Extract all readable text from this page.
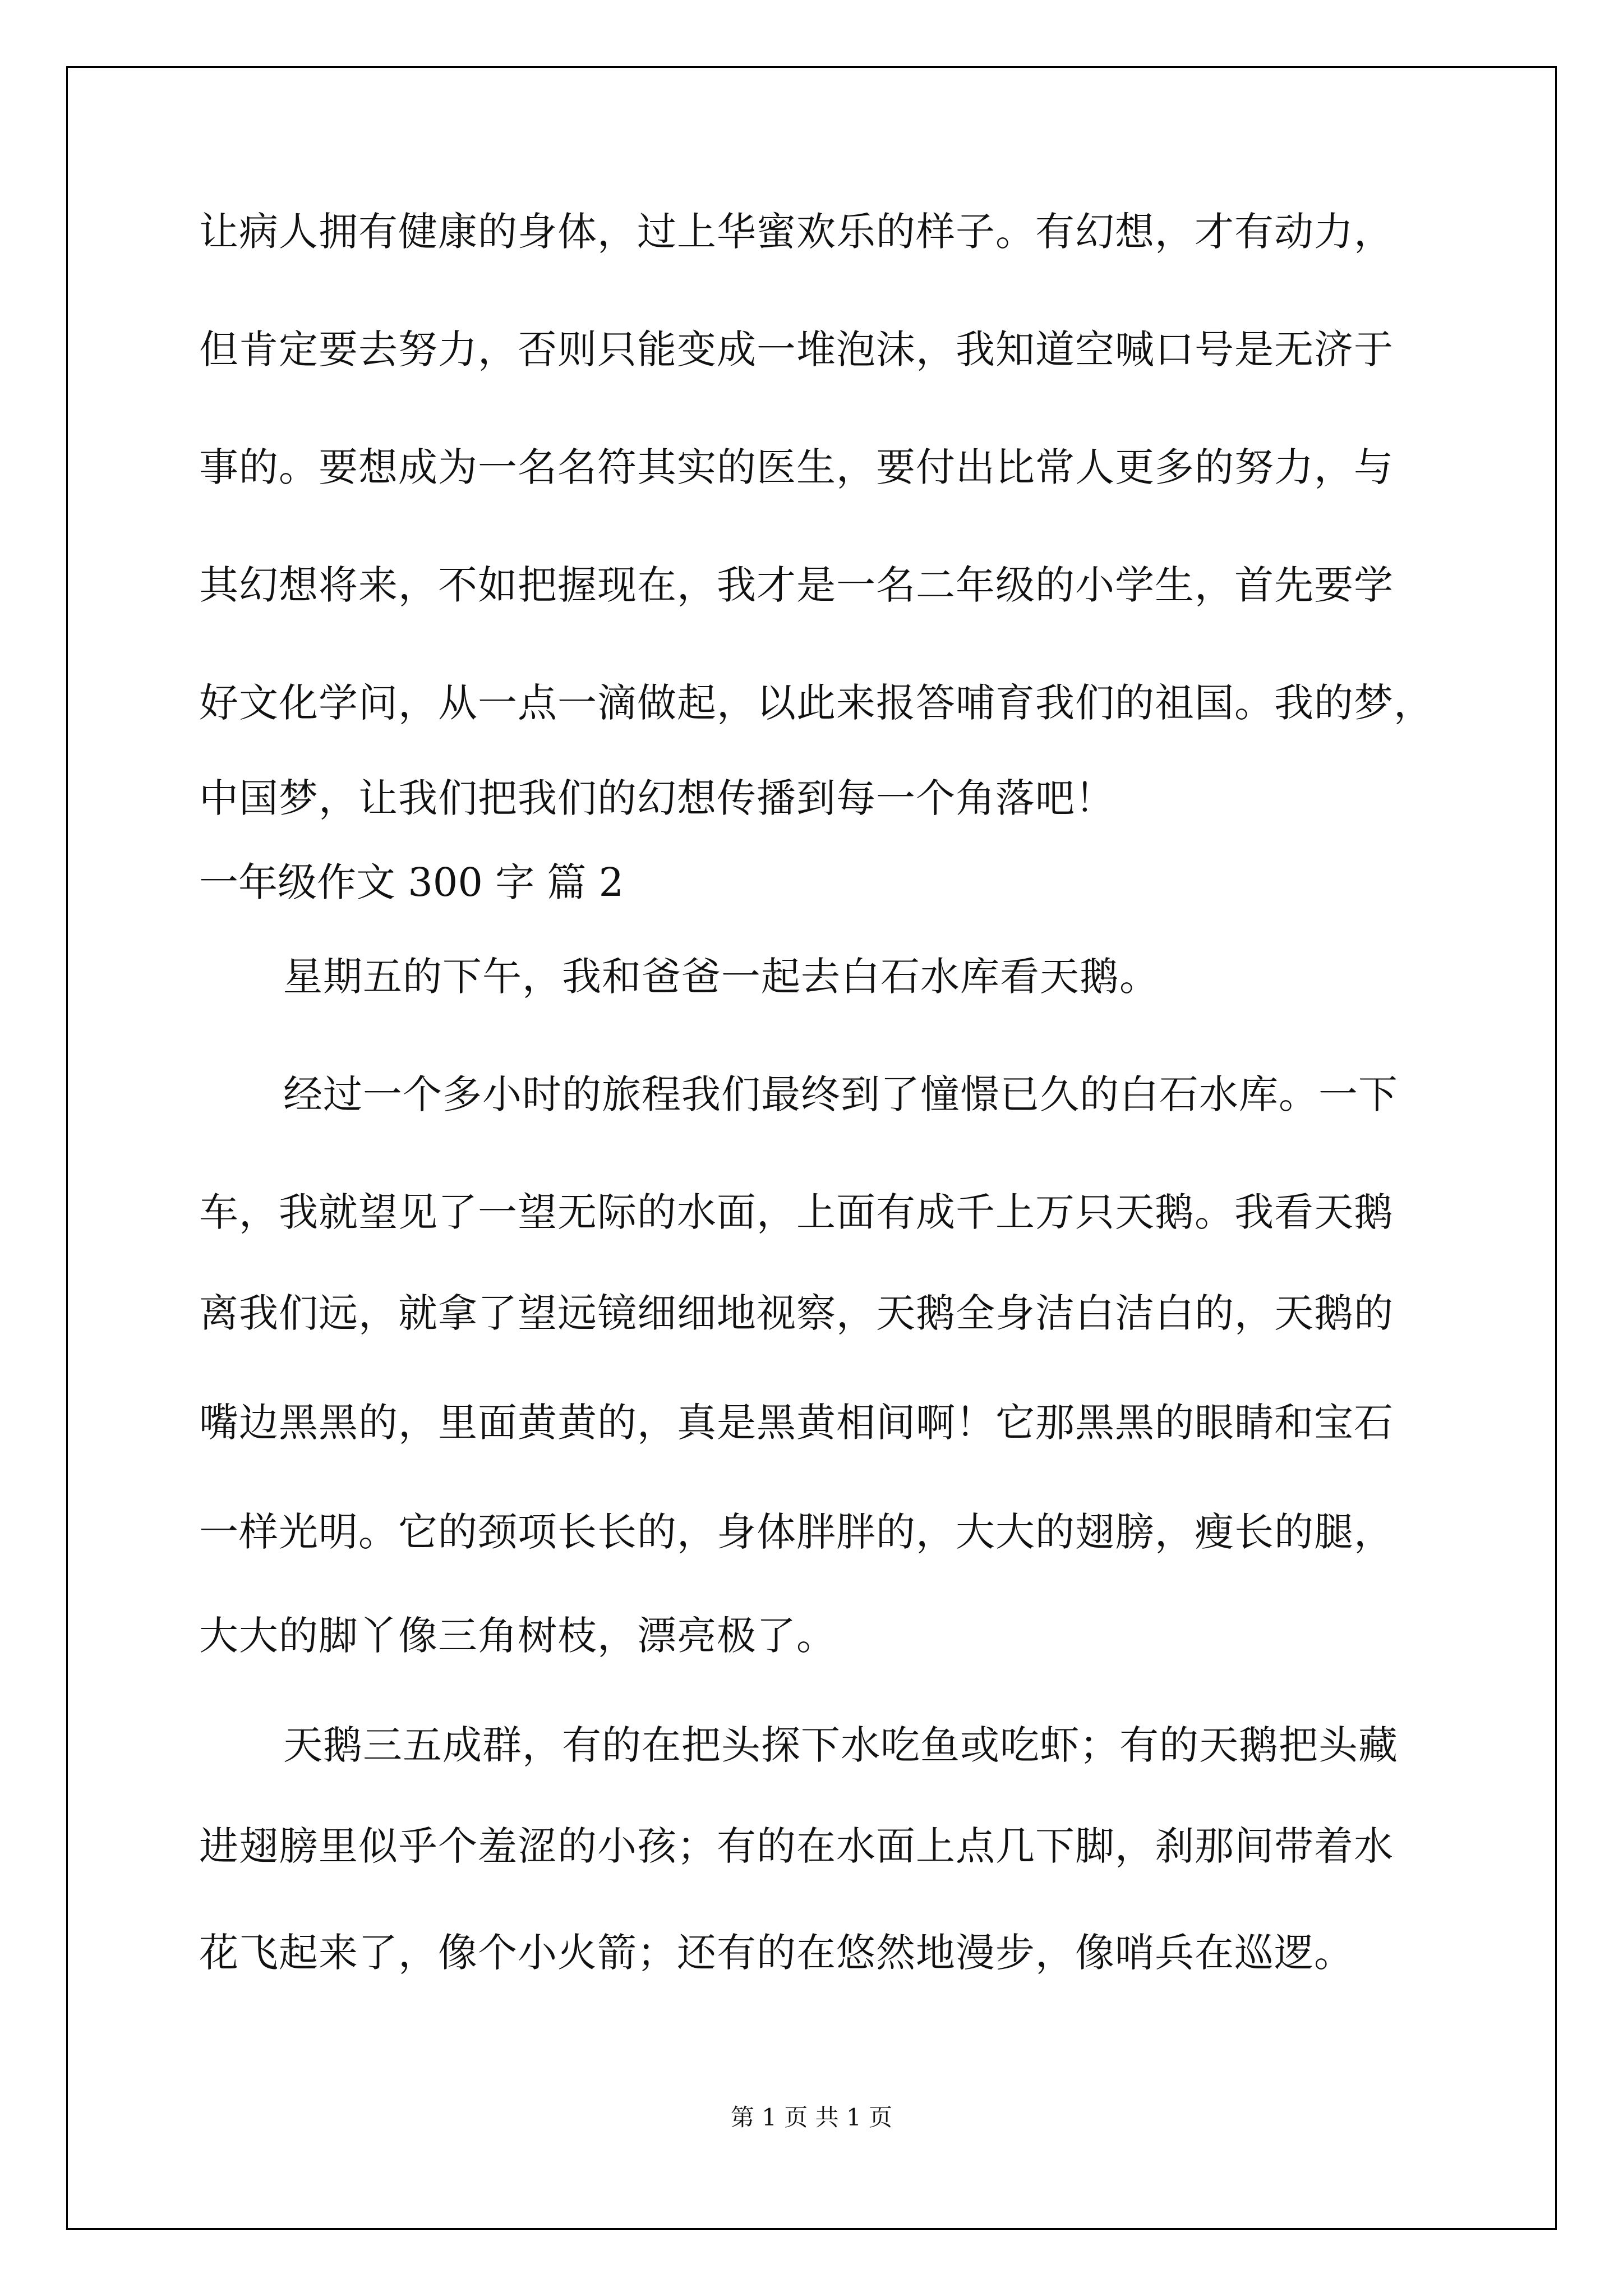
让病人拥有健康的身体，过上华蜜欢乐的样子。有幻想，才有动力，
但肯定要去努力，否则只能变成一堆泡沫，我知道空喊口号是无济于
事的。要想成为一名名符其实的医生，要付出比常人更多的努力，与
其幻想将来，不如把握现在，我才是一名二年级的小学生，首先要学
好文化学问，从一点一滴做起，以此来报答哺育我们的祖国。我的梦，
中国梦，让我们把我们的幻想传播到每一个角落吧！
一年级作文 300 字 篇 2
星期五的下午，我和爸爸一起去白石水库看天鹅。
经过一个多小时的旅程我们最终到了憧憬已久的白石水库。一下
车，我就望见了一望无际的水面，上面有成千上万只天鹅。我看天鹅
离我们远，就拿了望远镜细细地视察，天鹅全身洁白洁白的，天鹅的
嘴边黑黑的，里面黄黄的，真是黑黄相间啊！它那黑黑的眼睛和宝石
一样光明。它的颈项长长的，身体胖胖的，大大的翅膀，瘦长的腿，
大大的脚丫像三角树枝，漂亮极了。
天鹅三五成群，有的在把头探下水吃鱼或吃虾；有的天鹅把头藏
进翅膀里似乎个羞涩的小孩；有的在水面上点几下脚，刹那间带着水
花飞起来了，像个小火箭；还有的在悠然地漫步，像哨兵在巡逻。
第 1 页 共 1 页
